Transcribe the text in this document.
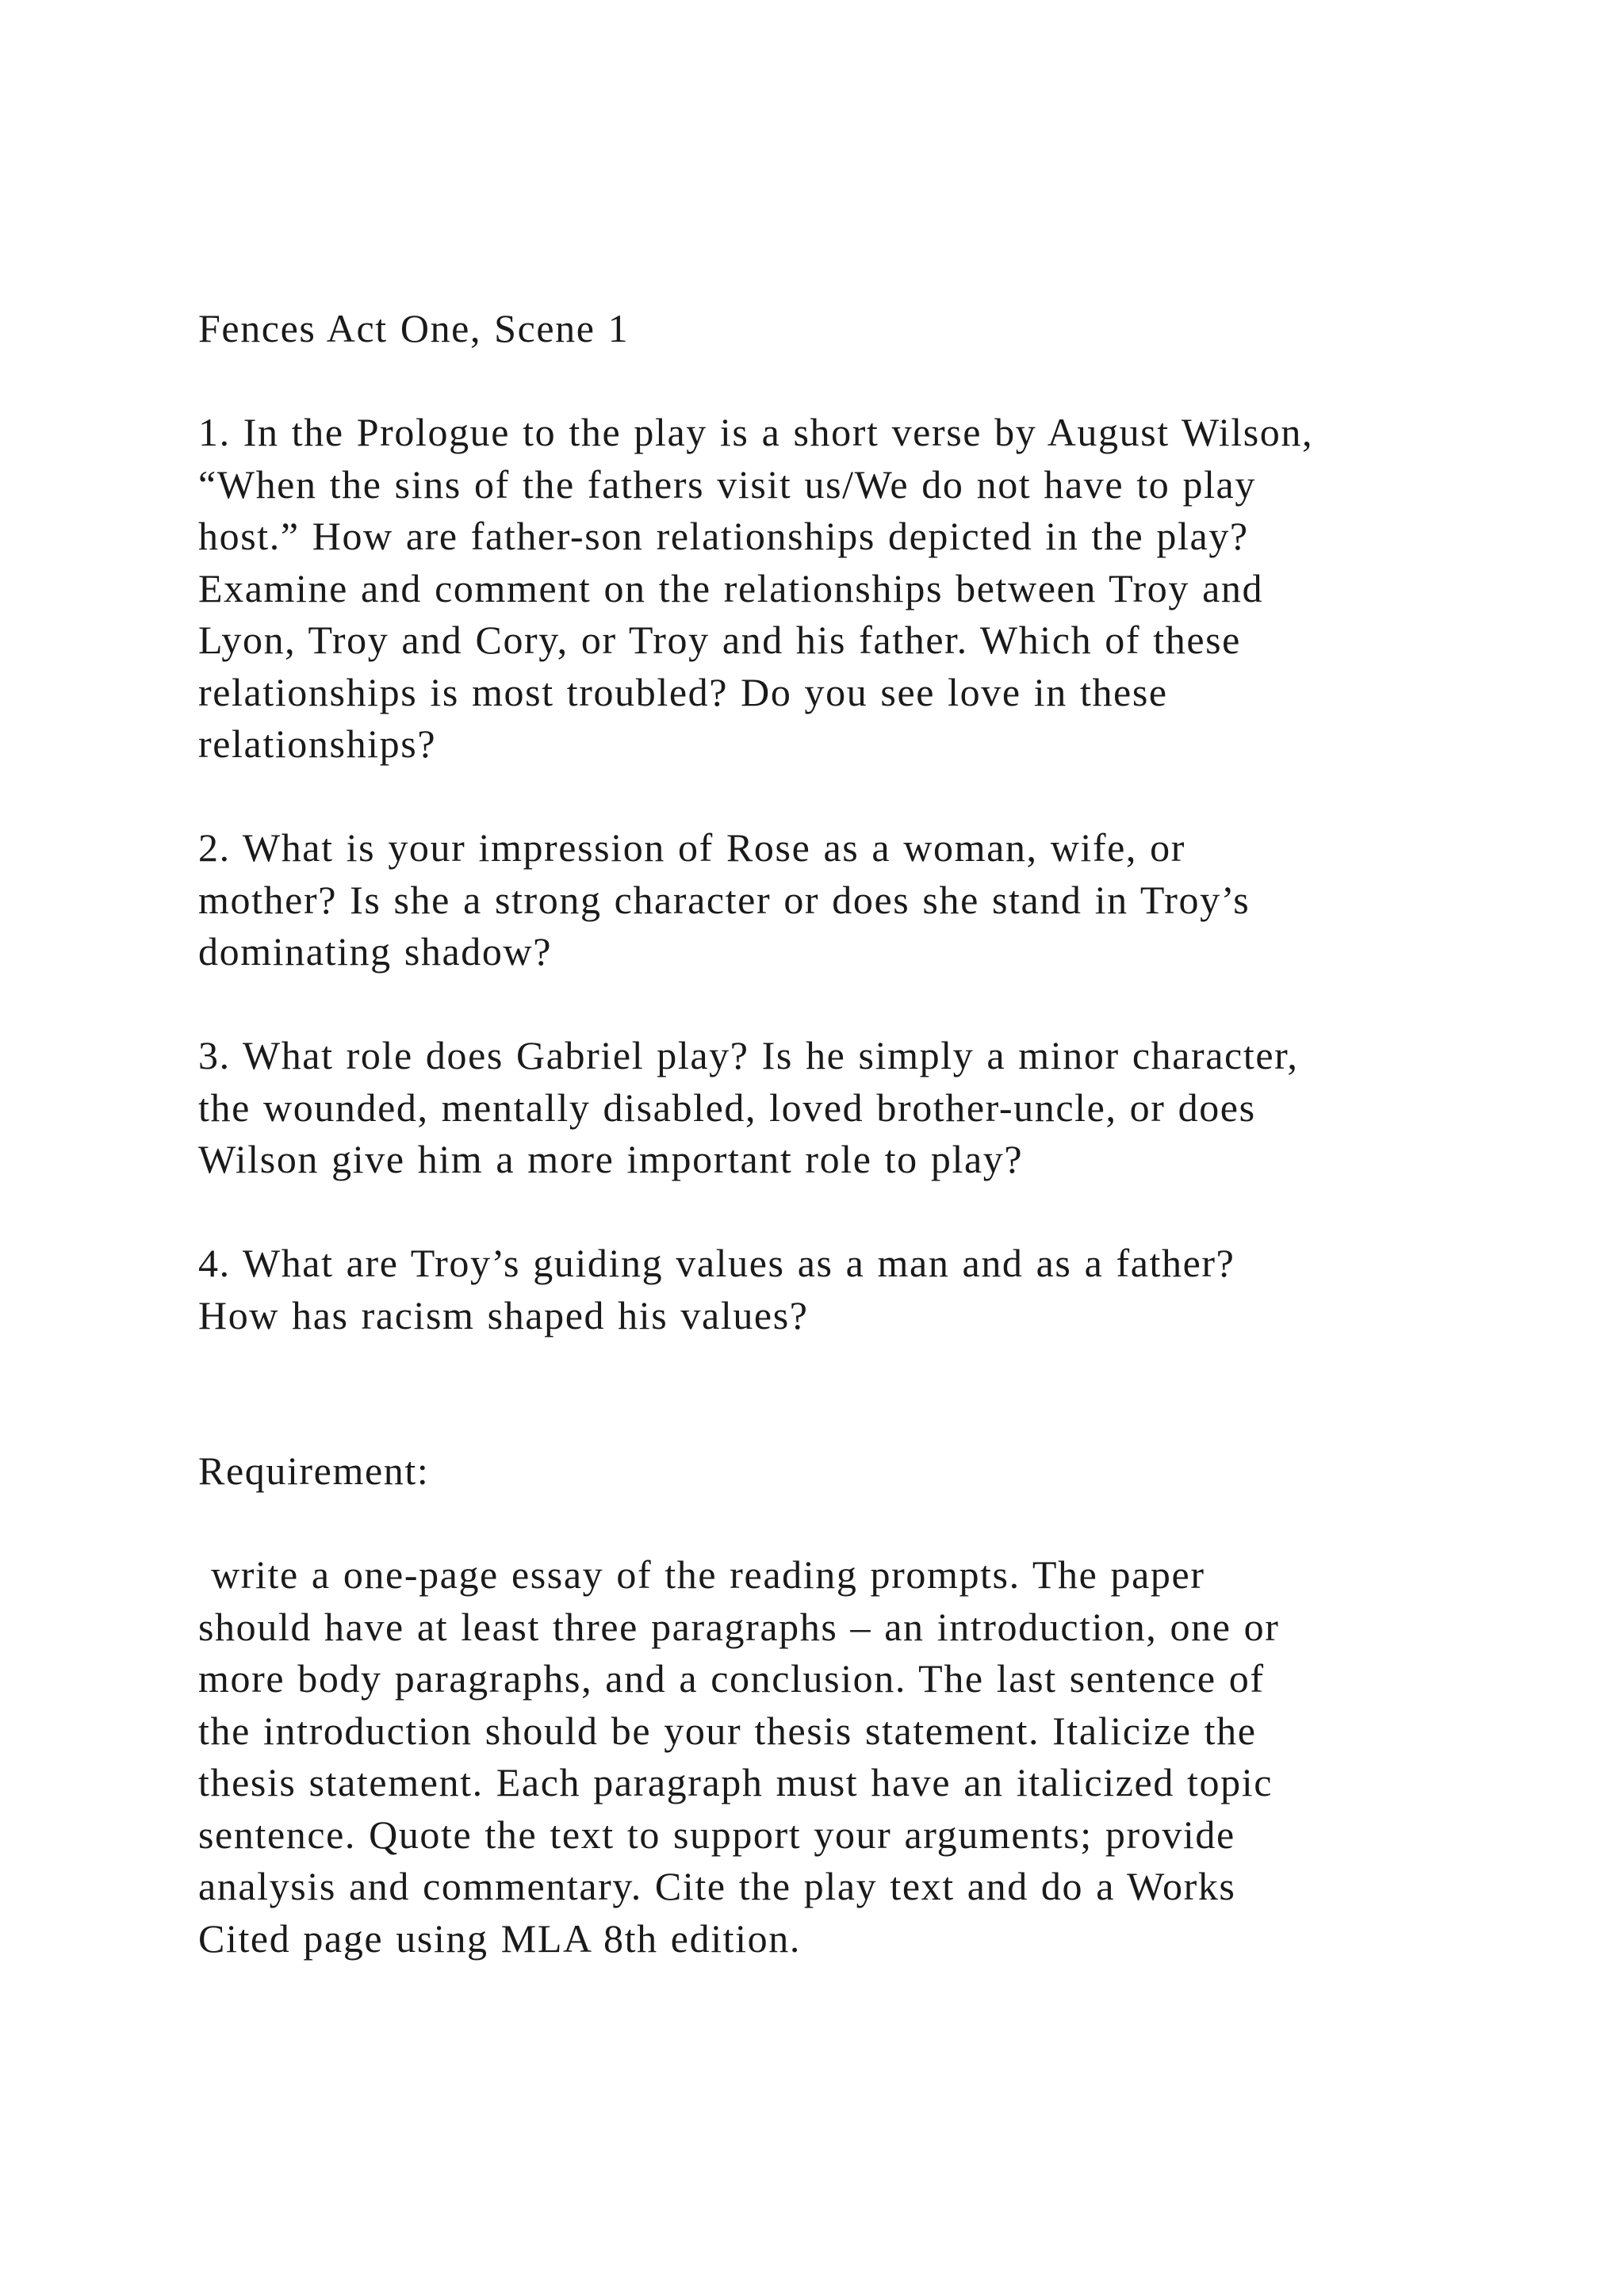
Fences Act One, Scene 1
1. In the Prologue to the play is a short verse by August Wilson,
“When the sins of the fathers visit us/We do not have to play
host.” How are father-son relationships depicted in the play?
Examine and comment on the relationships between Troy and
Lyon, Troy and Cory, or Troy and his father. Which of these
relationships is most troubled? Do you see love in these
relationships?
2. What is your impression of Rose as a woman, wife, or
mother? Is she a strong character or does she stand in Troy’s
dominating shadow?
3. What role does Gabriel play? Is he simply a minor character,
the wounded, mentally disabled, loved brother-uncle, or does
Wilson give him a more important role to play?
4. What are Troy’s guiding values as a man and as a father?
How has racism shaped his values?
Requirement:
write a one-page essay of the reading prompts. The paper
should have at least three paragraphs – an introduction, one or
more body paragraphs, and a conclusion. The last sentence of
the introduction should be your thesis statement. Italicize the
thesis statement. Each paragraph must have an italicized topic
sentence. Quote the text to support your arguments; provide
analysis and commentary. Cite the play text and do a Works
Cited page using MLA 8th edition.
